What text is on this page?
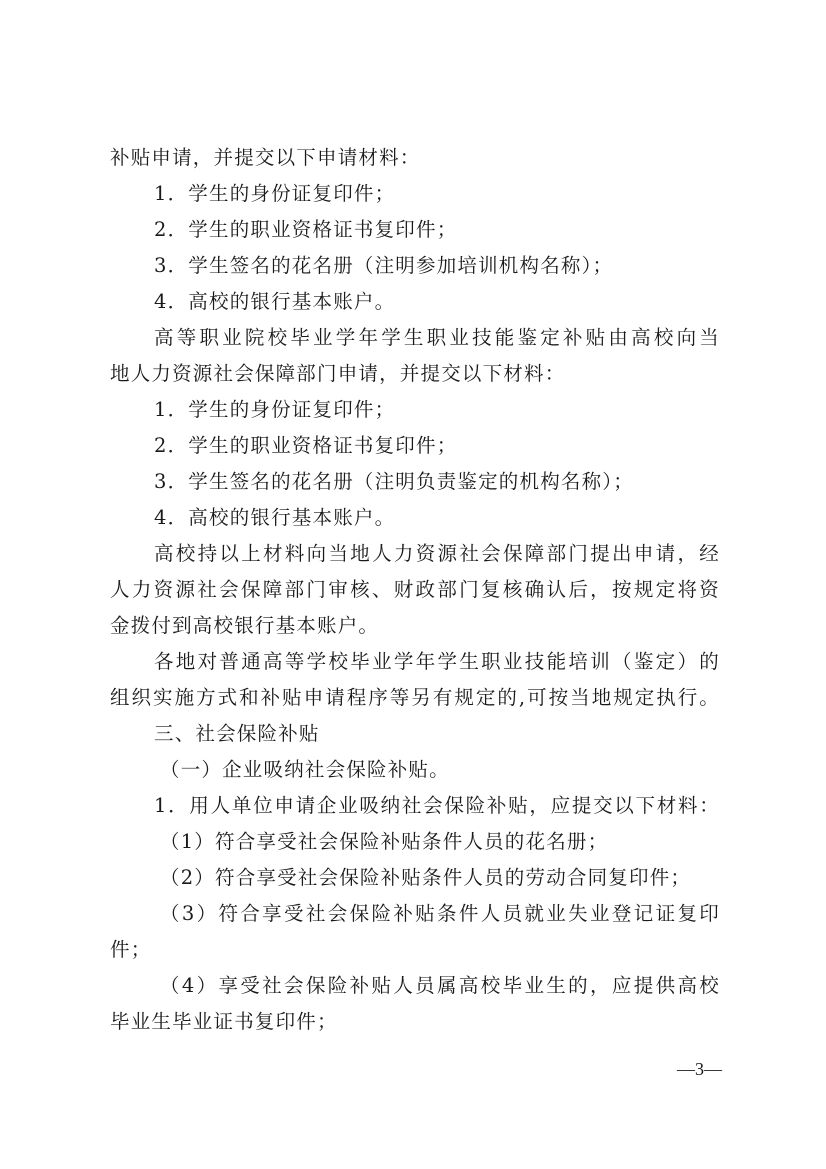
补贴申请，并提交以下申请材料：
1．学生的身份证复印件；
2．学生的职业资格证书复印件；
3．学生签名的花名册（注明参加培训机构名称）；
4．高校的银行基本账户。
高等职业院校毕业学年学生职业技能鉴定补贴由高校向当
地人力资源社会保障部门申请，并提交以下材料：
1．学生的身份证复印件；
2．学生的职业资格证书复印件；
3．学生签名的花名册（注明负责鉴定的机构名称）；
4．高校的银行基本账户。
高校持以上材料向当地人力资源社会保障部门提出申请，经
人力资源社会保障部门审核、财政部门复核确认后，按规定将资
金拨付到高校银行基本账户。
各地对普通高等学校毕业学年学生职业技能培训（鉴定）的
组织实施方式和补贴申请程序等另有规定的,可按当地规定执行。
三、社会保险补贴
（一）企业吸纳社会保险补贴。
1．用人单位申请企业吸纳社会保险补贴，应提交以下材料：
（1）符合享受社会保险补贴条件人员的花名册；
（2）符合享受社会保险补贴条件人员的劳动合同复印件；
（3）符合享受社会保险补贴条件人员就业失业登记证复印
件；
（4）享受社会保险补贴人员属高校毕业生的，应提供高校
毕业生毕业证书复印件；
—3—
